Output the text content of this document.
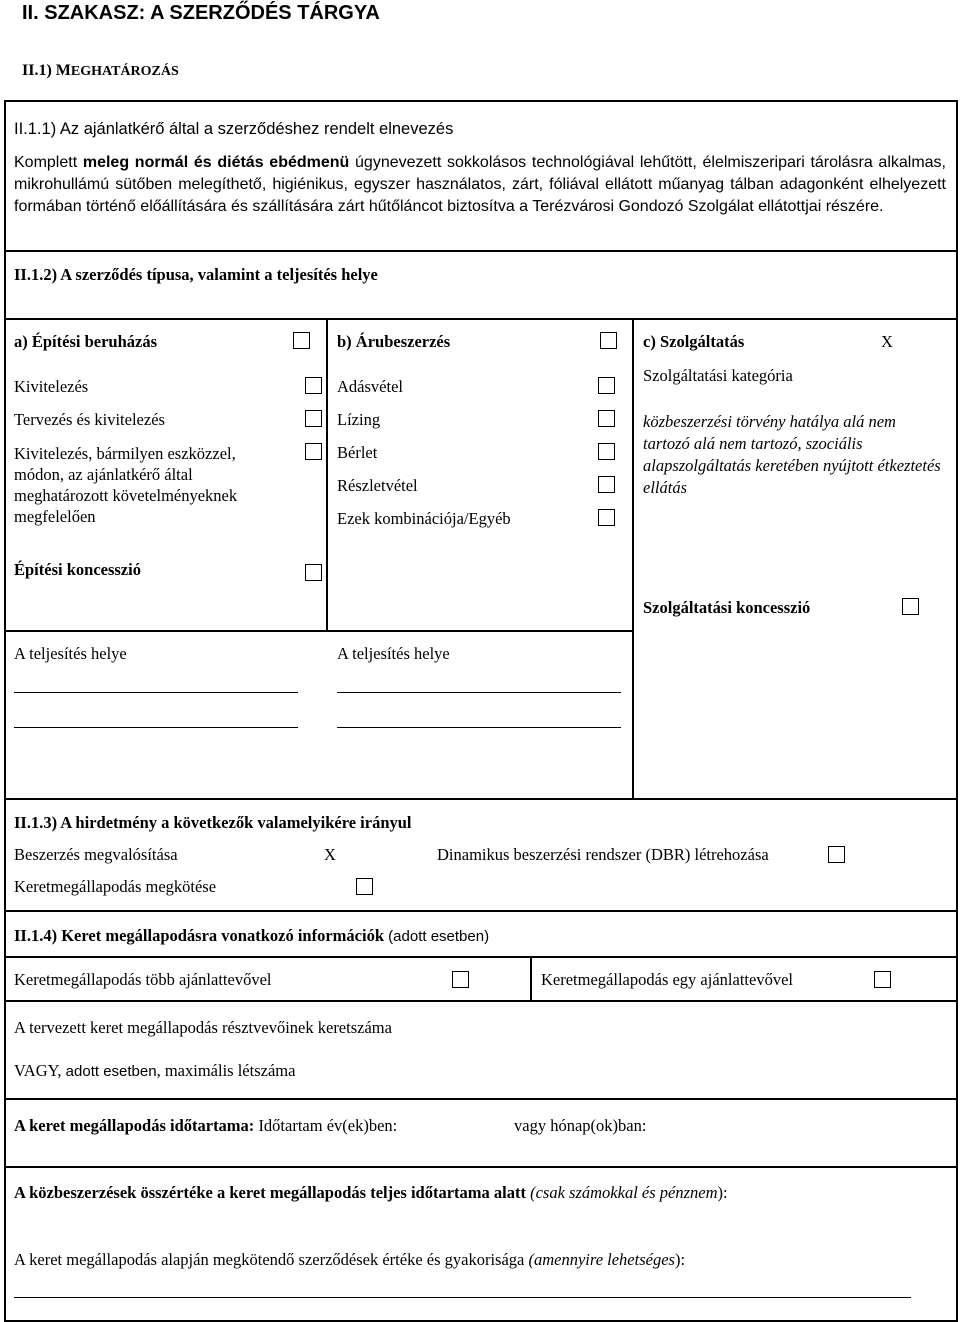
II. SZAKASZ: A SZERZŐDÉS TÁRGYA
II.1) MEGHATÁROZÁS
II.1.1) Az ajánlatkérő által a szerződéshez rendelt elnevezés
Komplett meleg normál és diétás ebédmenü úgynevezett sokkolásos technológiával lehűtött, élelmiszeripari tárolásra alkalmas, mikrohullámú sütőben melegíthető, higiénikus, egyszer használatos, zárt, fóliával ellátott műanyag tálban adagonként elhelyezett formában történő előállítására és szállítására zárt hűtőláncot biztosítva a Terézvárosi Gondozó Szolgálat ellátottjai részére.
II.1.2) A szerződés típusa, valamint a teljesítés helye
a) Építési beruházás
Kivitelezés
Tervezés és kivitelezés
Kivitelezés, bármilyen eszközzel, módon, az ajánlatkérő által meghatározott követelményeknek megfelelően
Építési koncesszió
b) Árubeszerzés
Adásvétel
Lízing
Bérlet
Részletvétel
Ezek kombinációja/Egyéb
c) Szolgáltatás	X
Szolgáltatási kategória
közbeszerzési törvény hatálya alá nem tartozó alá nem tartozó, szociális alapszolgáltatás keretében nyújtott étkeztetés ellátás
Szolgáltatási koncesszió
A teljesítés helye	A teljesítés helye
II.1.3) A hirdetmény a következők valamelyikére irányul
Beszerzés megvalósítása	X	Dinamikus beszerzési rendszer (DBR) létrehozása
Keretmegállapodás megkötése
II.1.4) Keret megállapodásra vonatkozó információk (adott esetben)
Keretmegállapodás több ajánlattevővel	Keretmegállapodás egy ajánlattevővel
A tervezett keret megállapodás résztvevőinek keretszáma
VAGY, adott esetben, maximális létszáma
A keret megállapodás időtartama: Időtartam év(ek)ben:	vagy hónap(ok)ban:
A közbeszerzések összértéke a keret megállapodás teljes időtartama alatt (csak számokkal és pénznem):
A keret megállapodás alapján megkötendő szerződések értéke és gyakorisága (amennyire lehetséges):
